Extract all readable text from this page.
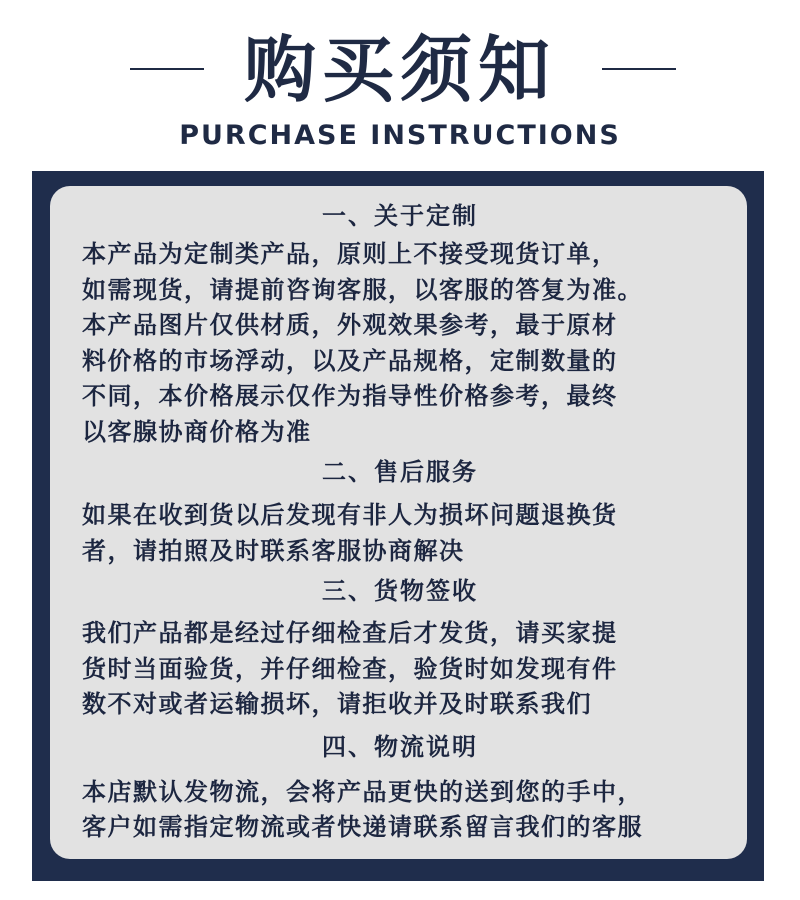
购买须知
PURCHASE INSTRUCTIONS
一、关于定制
本产品为定制类产品，原则上不接受现货订单，
如需现货，请提前咨询客服，以客服的答复为准。
本产品图片仅供材质，外观效果参考，最于原材
料价格的市场浮动，以及产品规格，定制数量的
不同，本价格展示仅作为指导性价格参考，最终
以客腺协商价格为准
二、售后服务
如果在收到货以后发现有非人为损坏问题退换货
者，请拍照及时联系客服协商解决
三、货物签收
我们产品都是经过仔细检查后才发货，请买家提
货时当面验货，并仔细检查，验货时如发现有件
数不对或者运输损坏，请拒收并及时联系我们
四、物流说明
本店默认发物流，会将产品更快的送到您的手中，
客户如需指定物流或者快递请联系留言我们的客服
